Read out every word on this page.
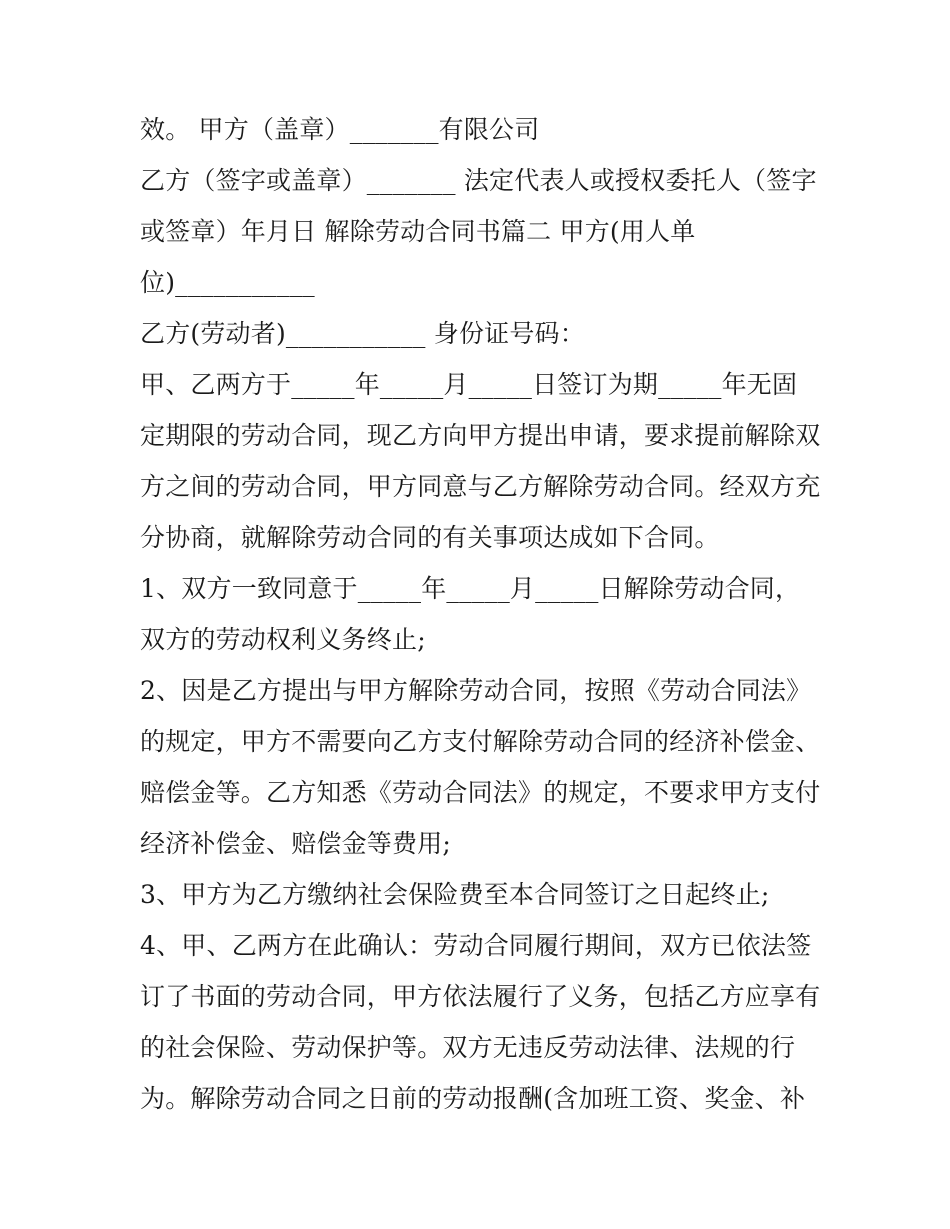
效。 甲方（盖章）_______有限公司
乙方（签字或盖章）_______ 法定代表人或授权委托人（签字
或签章）年月日 解除劳动合同书篇二 甲方(用人单
位)___________
乙方(劳动者)___________ 身份证号码：
甲、乙两方于_____年_____月_____日签订为期_____年无固
定期限的劳动合同，现乙方向甲方提出申请，要求提前解除双
方之间的劳动合同，甲方同意与乙方解除劳动合同。经双方充
分协商，就解除劳动合同的有关事项达成如下合同。
1、双方一致同意于_____年_____月_____日解除劳动合同，
双方的劳动权利义务终止;
2、因是乙方提出与甲方解除劳动合同，按照《劳动合同法》
的规定，甲方不需要向乙方支付解除劳动合同的经济补偿金、
赔偿金等。乙方知悉《劳动合同法》的规定，不要求甲方支付
经济补偿金、赔偿金等费用;
3、甲方为乙方缴纳社会保险费至本合同签订之日起终止;
4、甲、乙两方在此确认：劳动合同履行期间，双方已依法签
订了书面的劳动合同，甲方依法履行了义务，包括乙方应享有
的社会保险、劳动保护等。双方无违反劳动法律、法规的行
为。解除劳动合同之日前的劳动报酬(含加班工资、奖金、补
